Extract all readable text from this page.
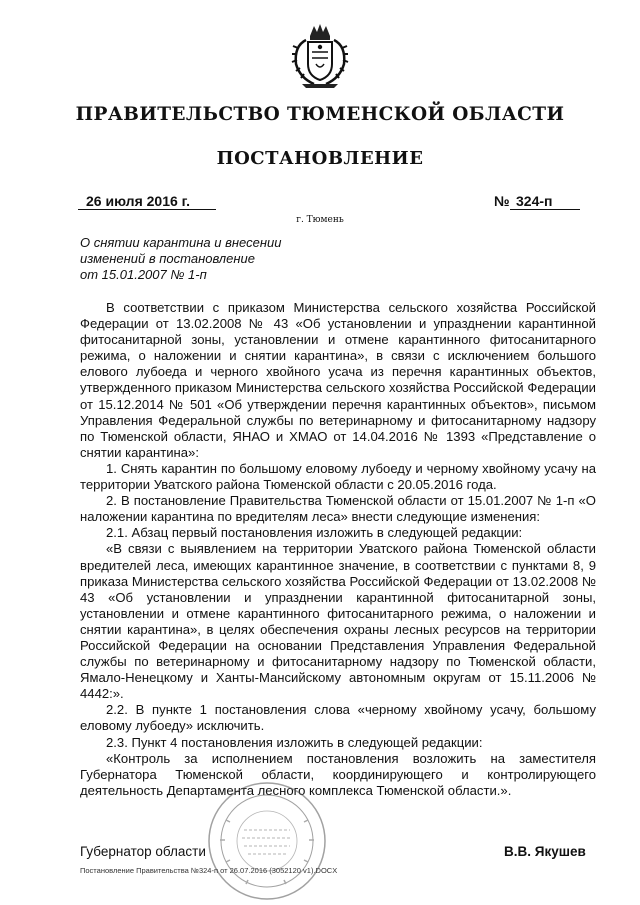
ПРАВИТЕЛЬСТВО ТЮМЕНСКОЙ ОБЛАСТИ
ПОСТАНОВЛЕНИЕ
26 июля 2016 г.	№ 324-п
г. Тюмень
О снятии карантина и внесении
изменений в постановление
от 15.01.2007 № 1-п

В соответствии с приказом Министерства сельского хозяйства Российской Федерации от 13.02.2008 № 43 «Об установлении и упразднении карантинной фитосанитарной зоны, установлении и отмене карантинного фитосанитарного режима, о наложении и снятии карантина», в связи с исключением большого елового лубоеда и черного хвойного усача из перечня карантинных объектов, утвержденного приказом Министерства сельского хозяйства Российской Федерации от 15.12.2014 № 501 «Об утверждении перечня карантинных объектов», письмом Управления Федеральной службы по ветеринарному и фитосанитарному надзору по Тюменской области, ЯНАО и ХМАО от 14.04.2016 № 1393 «Представление о снятии карантина»:

1. Снять карантин по большому еловому лубоеду и черному хвойному усачу на территории Уватского района Тюменской области с 20.05.2016 года.

2. В постановление Правительства Тюменской области от 15.01.2007 № 1-п «О наложении карантина по вредителям леса» внести следующие изменения:

2.1. Абзац первый постановления изложить в следующей редакции:

«В связи с выявлением на территории Уватского района Тюменской области вредителей леса, имеющих карантинное значение, в соответствии с пунктами 8, 9 приказа Министерства сельского хозяйства Российской Федерации от 13.02.2008 № 43 «Об установлении и упразднении карантинной фитосанитарной зоны, установлении и отмене карантинного фитосанитарного режима, о наложении и снятии карантина», в целях обеспечения охраны лесных ресурсов на территории Российской Федерации на основании Представления Управления Федеральной службы по ветеринарному и фитосанитарному надзору по Тюменской области, Ямало-Ненецкому и Ханты-Мансийскому автономным округам от 15.11.2006 № 4442:».

2.2. В пункте 1 постановления слова «черному хвойному усачу, большому еловому лубоеду» исключить.

2.3. Пункт 4 постановления изложить в следующей редакции:

«Контроль за исполнением постановления возложить на заместителя Губернатора Тюменской области, координирующего и контролирующего деятельность Департамента лесного комплекса Тюменской области.».

Губернатор области	В.В. Якушев
Постановление Правительства №324-п от 26.07.2016 (3052120 v1).DOCX
